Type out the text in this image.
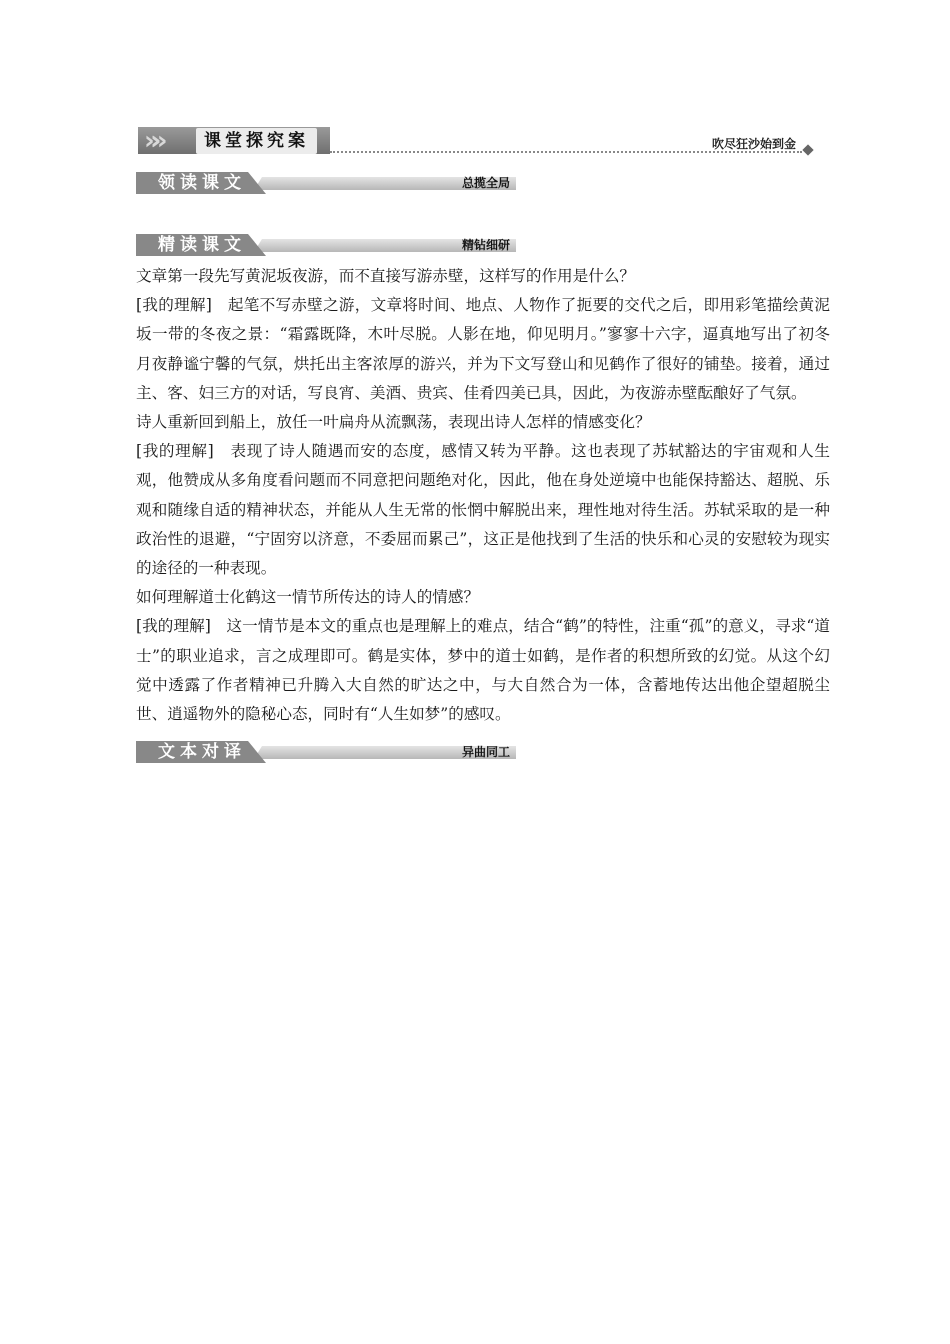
»»	课堂探究案	吹尽狂沙始到金
领读课文	总揽全局
精读课文	精钻细研

文章第一段先写黄泥坂夜游，而不直接写游赤壁，这样写的作用是什么？

[我的理解]　起笔不写赤壁之游，文章将时间、地点、人物作了扼要的交代之后，即用彩笔描绘黄泥坂一带的冬夜之景：“霜露既降，木叶尽脱。人影在地，仰见明月。”寥寥十六字，逼真地写出了初冬月夜静谧宁馨的气氛，烘托出主客浓厚的游兴，并为下文写登山和见鹤作了很好的铺垫。接着，通过主、客、妇三方的对话，写良宵、美酒、贵宾、佳肴四美已具，因此，为夜游赤壁酝酿好了气氛。

诗人重新回到船上，放任一叶扁舟从流飘荡，表现出诗人怎样的情感变化？

[我的理解]　表现了诗人随遇而安的态度，感情又转为平静。这也表现了苏轼豁达的宇宙观和人生观，他赞成从多角度看问题而不同意把问题绝对化，因此，他在身处逆境中也能保持豁达、超脱、乐观和随缘自适的精神状态，并能从人生无常的怅惘中解脱出来，理性地对待生活。苏轼采取的是一种政治性的退避，“宁固穷以济意，不委屈而累己”，这正是他找到了生活的快乐和心灵的安慰较为现实的途径的一种表现。

如何理解道士化鹤这一情节所传达的诗人的情感？

[我的理解]　这一情节是本文的重点也是理解上的难点，结合“鹤”的特性，注重“孤”的意义，寻求“道士”的职业追求，言之成理即可。鹤是实体，梦中的道士如鹤，是作者的积想所致的幻觉。从这个幻觉中透露了作者精神已升腾入大自然的旷达之中，与大自然合为一体，含蓄地传达出他企望超脱尘世、逍遥物外的隐秘心态，同时有“人生如梦”的感叹。

文本对译	异曲同工
